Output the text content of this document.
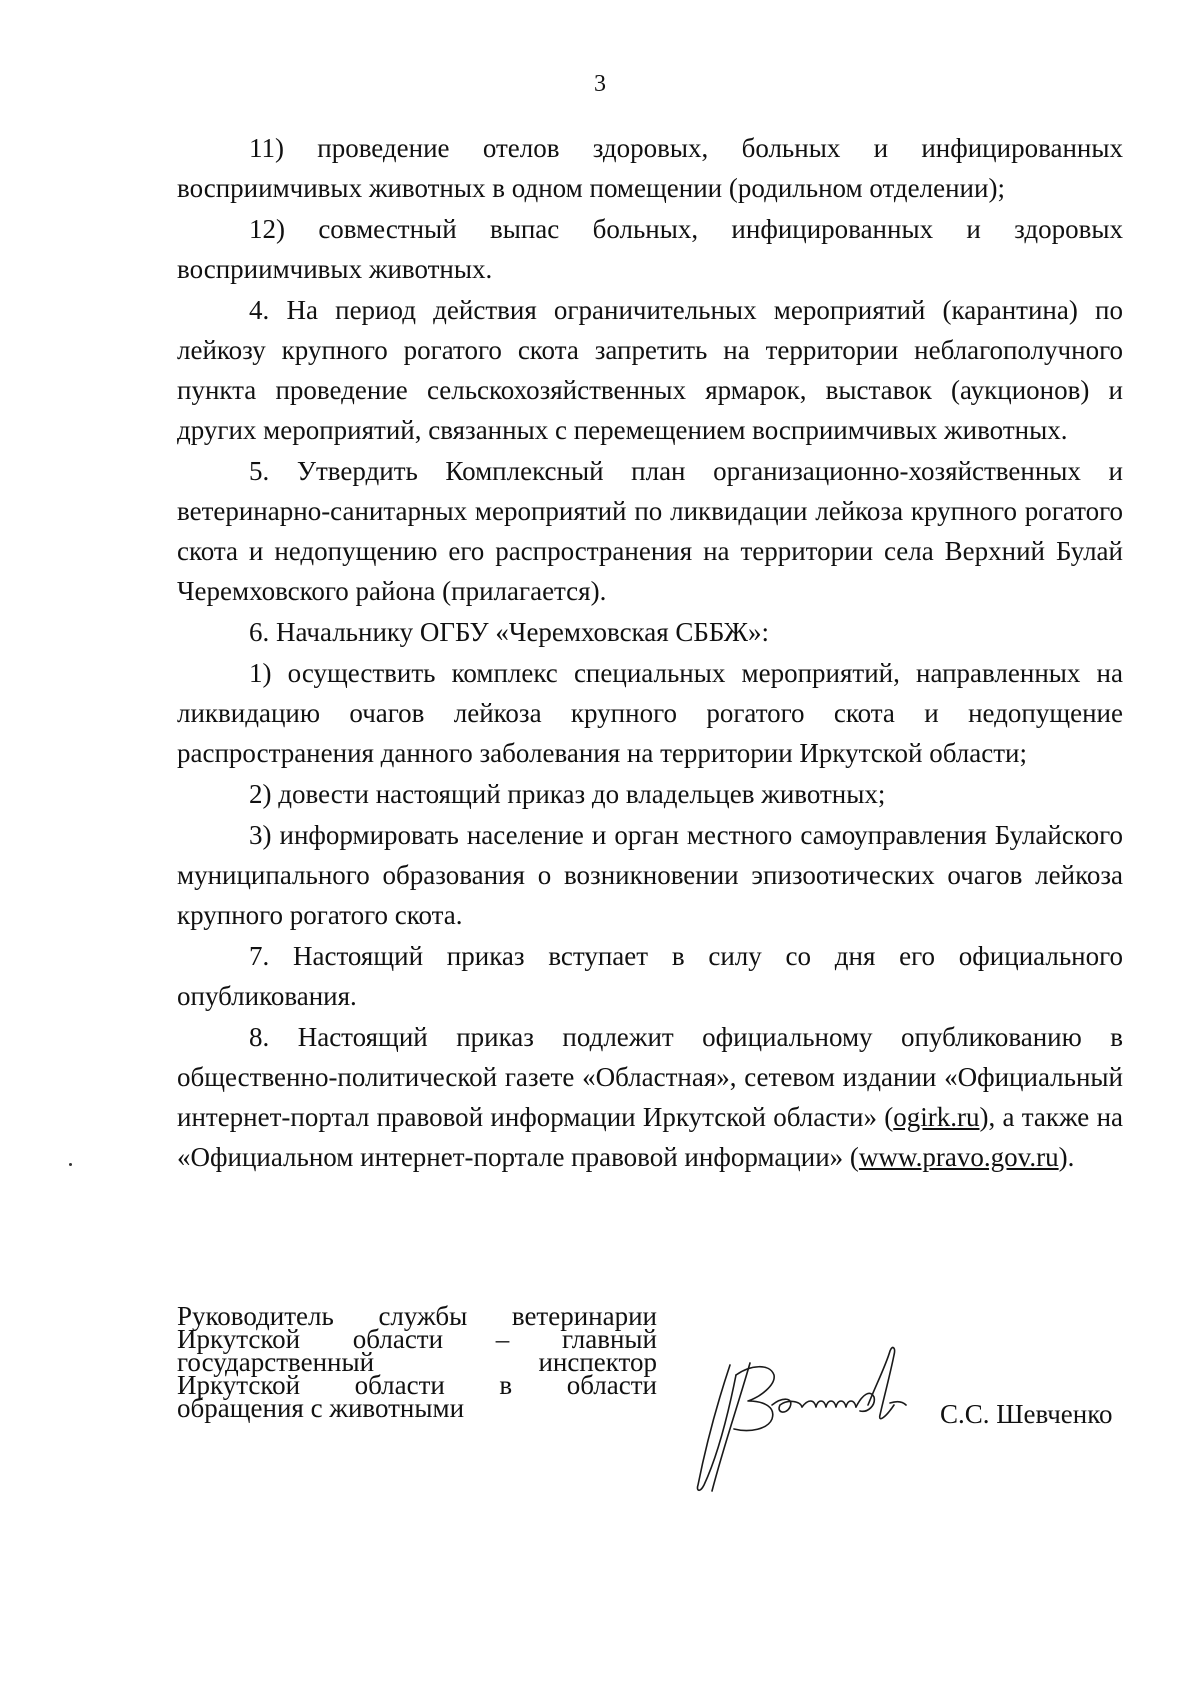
3

11) проведение отелов здоровых, больных и инфицированных восприимчивых животных в одном помещении (родильном отделении);

12) совместный выпас больных, инфицированных и здоровых восприимчивых животных.

4. На период действия ограничительных мероприятий (карантина) по лейкозу крупного рогатого скота запретить на территории неблагополучного пункта проведение сельскохозяйственных ярмарок, выставок (аукционов) и других мероприятий, связанных с перемещением восприимчивых животных.

5. Утвердить Комплексный план организационно-хозяйственных и ветеринарно-санитарных мероприятий по ликвидации лейкоза крупного рогатого скота и недопущению его распространения на территории села Верхний Булай Черемховского района (прилагается).

6. Начальнику ОГБУ «Черемховская СББЖ»:

1) осуществить комплекс специальных мероприятий, направленных на ликвидацию очагов лейкоза крупного рогатого скота и недопущение распространения данного заболевания на территории Иркутской области;

2) довести настоящий приказ до владельцев животных;

3) информировать население и орган местного самоуправления Булайского муниципального образования о возникновении эпизоотических очагов лейкоза крупного рогатого скота.

7. Настоящий приказ вступает в силу со дня его официального опубликования.

8. Настоящий приказ подлежит официальному опубликованию в общественно-политической газете «Областная», сетевом издании «Официальный интернет-портал правовой информации Иркутской области» (ogirk.ru), а также на «Официальном интернет-портале правовой информации» (www.pravo.gov.ru).

Руководитель службы ветеринарии
Иркутской области – главный
государственный инспектор
Иркутской области в области
обращения с животными	С.С. Шевченко
